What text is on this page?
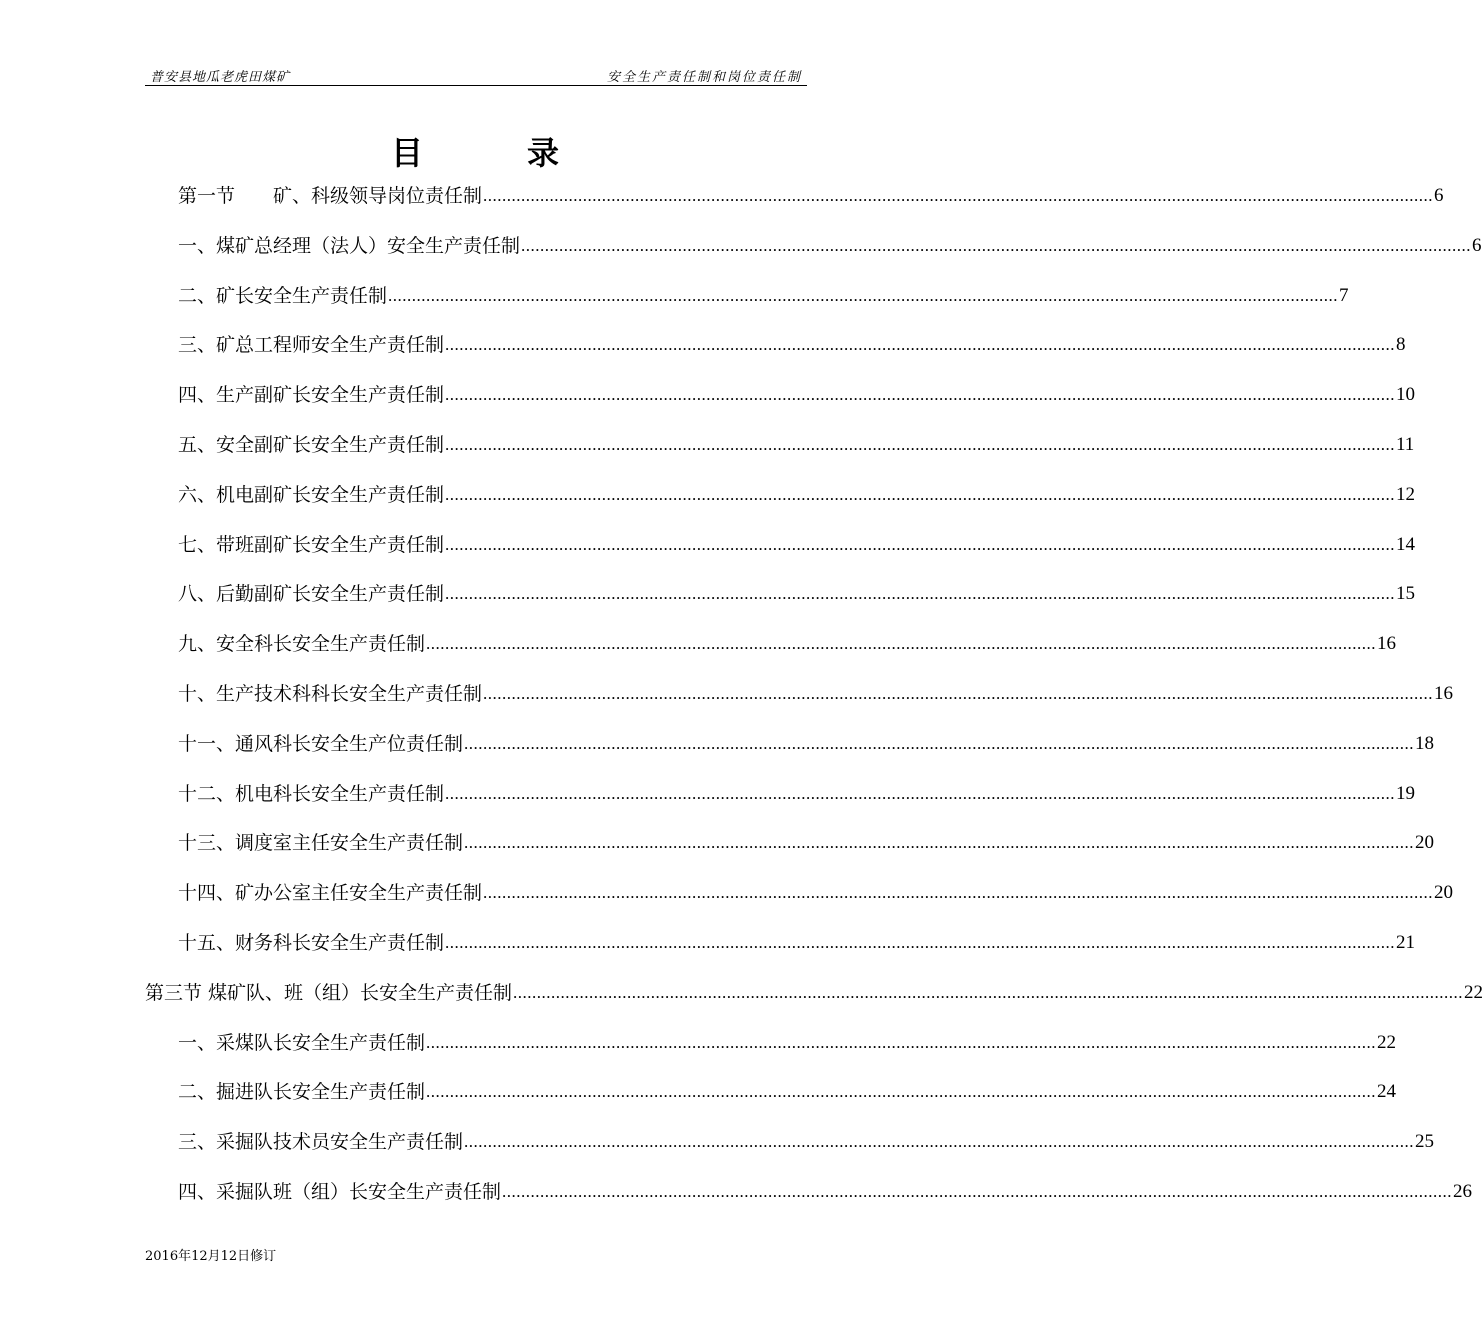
普安县地瓜老虎田煤矿	安全生产责任制和岗位责任制
目录
第一节　　矿、科级领导岗位责任制 ........................................................................................................................................................................................................ 6
一、煤矿总经理（法人）安全生产责任制 ........................................................................................................................................................................................................ 6
二、矿长安全生产责任制 ........................................................................................................................................................................................................ 7
三、矿总工程师安全生产责任制 ........................................................................................................................................................................................................ 8
四、生产副矿长安全生产责任制 ........................................................................................................................................................................................................ 10
五、安全副矿长安全生产责任制 ........................................................................................................................................................................................................ 11
六、机电副矿长安全生产责任制 ........................................................................................................................................................................................................ 12
七、带班副矿长安全生产责任制 ........................................................................................................................................................................................................ 14
八、后勤副矿长安全生产责任制 ........................................................................................................................................................................................................ 15
九、安全科长安全生产责任制 ........................................................................................................................................................................................................ 16
十、生产技术科科长安全生产责任制 ........................................................................................................................................................................................................ 16
十一、通风科长安全生产位责任制 ........................................................................................................................................................................................................ 18
十二、机电科长安全生产责任制 ........................................................................................................................................................................................................ 19
十三、调度室主任安全生产责任制 ........................................................................................................................................................................................................ 20
十四、矿办公室主任安全生产责任制 ........................................................................................................................................................................................................ 20
十五、财务科长安全生产责任制 ........................................................................................................................................................................................................ 21
第三节 煤矿队、班（组）长安全生产责任制 ........................................................................................................................................................................................................ 22
一、采煤队长安全生产责任制 ........................................................................................................................................................................................................ 22
二、掘进队长安全生产责任制 ........................................................................................................................................................................................................ 24
三、采掘队技术员安全生产责任制 ........................................................................................................................................................................................................ 25
四、采掘队班（组）长安全生产责任制 ........................................................................................................................................................................................................ 26
2016年12月12日修订
